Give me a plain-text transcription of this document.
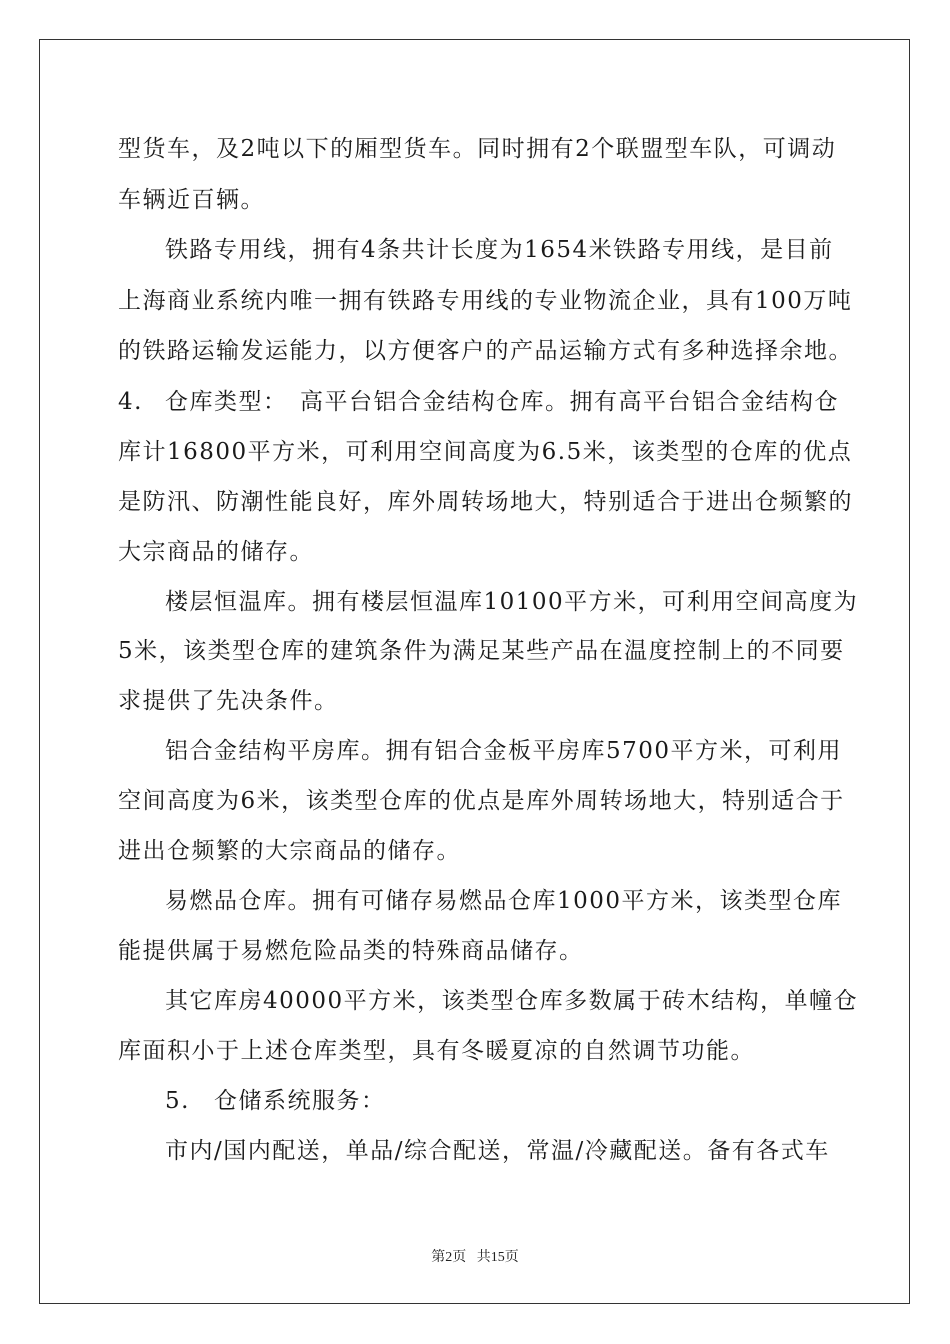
型货车，及2吨以下的厢型货车。同时拥有2个联盟型车队，可调动
车辆近百辆。
铁路专用线，拥有4条共计长度为1654米铁路专用线，是目前
上海商业系统内唯一拥有铁路专用线的专业物流企业，具有100万吨
的铁路运输发运能力，以方便客户的产品运输方式有多种选择余地。
4. 仓库类型： 高平台铝合金结构仓库。拥有高平台铝合金结构仓
库计16800平方米，可利用空间高度为6.5米，该类型的仓库的优点
是防汛、防潮性能良好，库外周转场地大，特别适合于进出仓频繁的
大宗商品的储存。
楼层恒温库。拥有楼层恒温库10100平方米，可利用空间高度为
5米，该类型仓库的建筑条件为满足某些产品在温度控制上的不同要
求提供了先决条件。
铝合金结构平房库。拥有铝合金板平房库5700平方米，可利用
空间高度为6米，该类型仓库的优点是库外周转场地大，特别适合于
进出仓频繁的大宗商品的储存。
易燃品仓库。拥有可储存易燃品仓库1000平方米，该类型仓库
能提供属于易燃危险品类的特殊商品储存。
其它库房40000平方米，该类型仓库多数属于砖木结构，单幢仓
库面积小于上述仓库类型，具有冬暖夏凉的自然调节功能。
5. 仓储系统服务：
市内/国内配送，单品/综合配送，常温/冷藏配送。备有各式车
第2页 共15页
